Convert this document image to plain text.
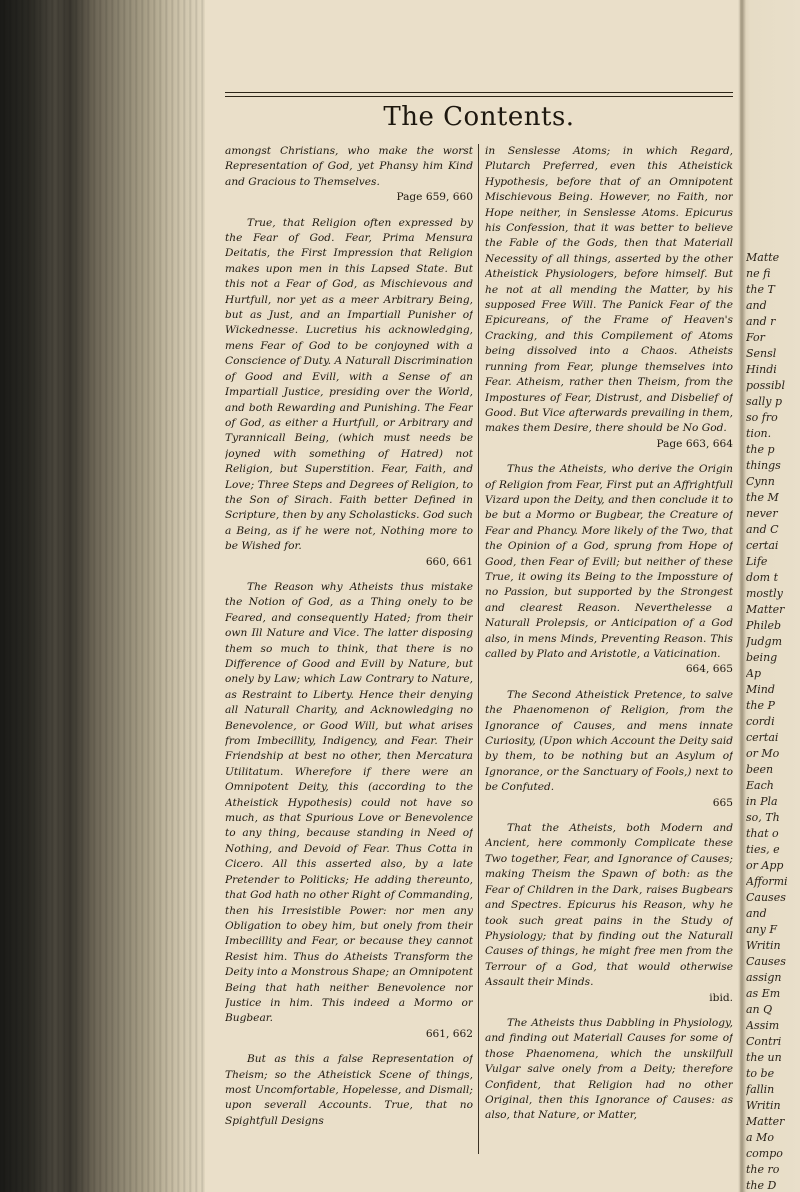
Matte
ne fi
the T
and
and r
For
Sensl
Hindi
possibl
sally p
so fro
tion.
the p
things
Cynn
the M
never
and C
certai
Life
dom t
mostly
Matter
Phileb
Judgm
being
Ap
Mind
the P
cordi
certai
or Mo
been
Each
in Pla
so, Th
that o
ties, e
or App
Afformi
Causes
and
any F
Writin
Causes
assign
as Em
an Q
Assim
Contri
the un
to be
fallin
Writin
Matter
a Mo
compo
the ro
the D
The Contents.
amongst Christians, who make the worst Representation of God, yet Phansy him Kind and Gracious to Themselves.
Page 659, 660
True, that Religion often expressed by the Fear of God. Fear, Prima Mensura Deitatis, the First Impression that Religion makes upon men in this Lapsed State. But this not a Fear of God, as Mischievous and Hurtfull, nor yet as a meer Arbitrary Being, but as Just, and an Impartiall Punisher of Wickednesse. Lucretius his acknowledging, mens Fear of God to be conjoyned with a Conscience of Duty. A Naturall Discrimination of Good and Evill, with a Sense of an Impartiall Justice, presiding over the World, and both Rewarding and Punishing. The Fear of God, as either a Hurtfull, or Arbitrary and Tyrannicall Being, (which must needs be joyned with something of Hatred) not Religion, but Superstition. Fear, Faith, and Love; Three Steps and Degrees of Religion, to the Son of Sirach. Faith better Defined in Scripture, then by any Scholasticks. God such a Being, as if he were not, Nothing more to be Wished for.
660, 661
The Reason why Atheists thus mistake the Notion of God, as a Thing onely to be Feared, and consequently Hated; from their own Ill Nature and Vice. The latter disposing them so much to think, that there is no Difference of Good and Evill by Nature, but onely by Law; which Law Contrary to Nature, as Restraint to Liberty. Hence their denying all Naturall Charity, and Acknowledging no Benevolence, or Good Will, but what arises from Imbecillity, Indigency, and Fear. Their Friendship at best no other, then Mercatura Utilitatum. Wherefore if there were an Omnipotent Deity, this (according to the Atheistick Hypothesis) could not have so much, as that Spurious Love or Benevolence to any thing, because standing in Need of Nothing, and Devoid of Fear. Thus Cotta in Cicero. All this asserted also, by a late Pretender to Politicks; He adding thereunto, that God hath no other Right of Commanding, then his Irresistible Power: nor men any Obligation to obey him, but onely from their Imbecillity and Fear, or because they cannot Resist him. Thus do Atheists Transform the Deity into a Monstrous Shape; an Omnipotent Being that hath neither Benevolence nor Justice in him. This indeed a Mormo or Bugbear.
661, 662
But as this a false Representation of Theism; so the Atheistick Scene of things, most Uncomfortable, Hopelesse, and Dismall; upon severall Accounts. True, that no Spightfull Designs
in Senslesse Atoms; in which Regard, Plutarch Preferred, even this Atheistick Hypothesis, before that of an Omnipotent Mischievous Being. However, no Faith, nor Hope neither, in Senslesse Atoms. Epicurus his Confession, that it was better to believe the Fable of the Gods, then that Materiall Necessity of all things, asserted by the other Atheistick Physiologers, before himself. But he not at all mending the Matter, by his supposed Free Will. The Panick Fear of the Epicureans, of the Frame of Heaven's Cracking, and this Compilement of Atoms being dissolved into a Chaos. Atheists running from Fear, plunge themselves into Fear. Atheism, rather then Theism, from the Impostures of Fear, Distrust, and Disbelief of Good. But Vice afterwards prevailing in them, makes them Desire, there should be No God.
Page 663, 664
Thus the Atheists, who derive the Origin of Religion from Fear, First put an Affrightfull Vizard upon the Deity, and then conclude it to be but a Mormo or Bugbear, the Creature of Fear and Phancy. More likely of the Two, that the Opinion of a God, sprung from Hope of Good, then Fear of Evill; but neither of these True, it owing its Being to the Impossture of no Passion, but supported by the Strongest and clearest Reason. Neverthelesse a Naturall Prolepsis, or Anticipation of a God also, in mens Minds, Preventing Reason. This called by Plato and Aristotle, a Vaticination.
664, 665
The Second Atheistick Pretence, to salve the Phaenomenon of Religion, from the Ignorance of Causes, and mens innate Curiosity, (Upon which Account the Deity said by them, to be nothing but an Asylum of Ignorance, or the Sanctuary of Fools,) next to be Confuted.
665
That the Atheists, both Modern and Ancient, here commonly Complicate these Two together, Fear, and Ignorance of Causes; making Theism the Spawn of both: as the Fear of Children in the Dark, raises Bugbears and Spectres. Epicurus his Reason, why he took such great pains in the Study of Physiology; that by finding out the Naturall Causes of things, he might free men from the Terrour of a God, that would otherwise Assault their Minds.
ibid.
The Atheists thus Dabbling in Physiology, and finding out Materiall Causes for some of those Phaenomena, which the unskilfull Vulgar salve onely from a Deity; therefore Confident, that Religion had no other Original, then this Ignorance of Causes: as also, that Nature, or Matter,
